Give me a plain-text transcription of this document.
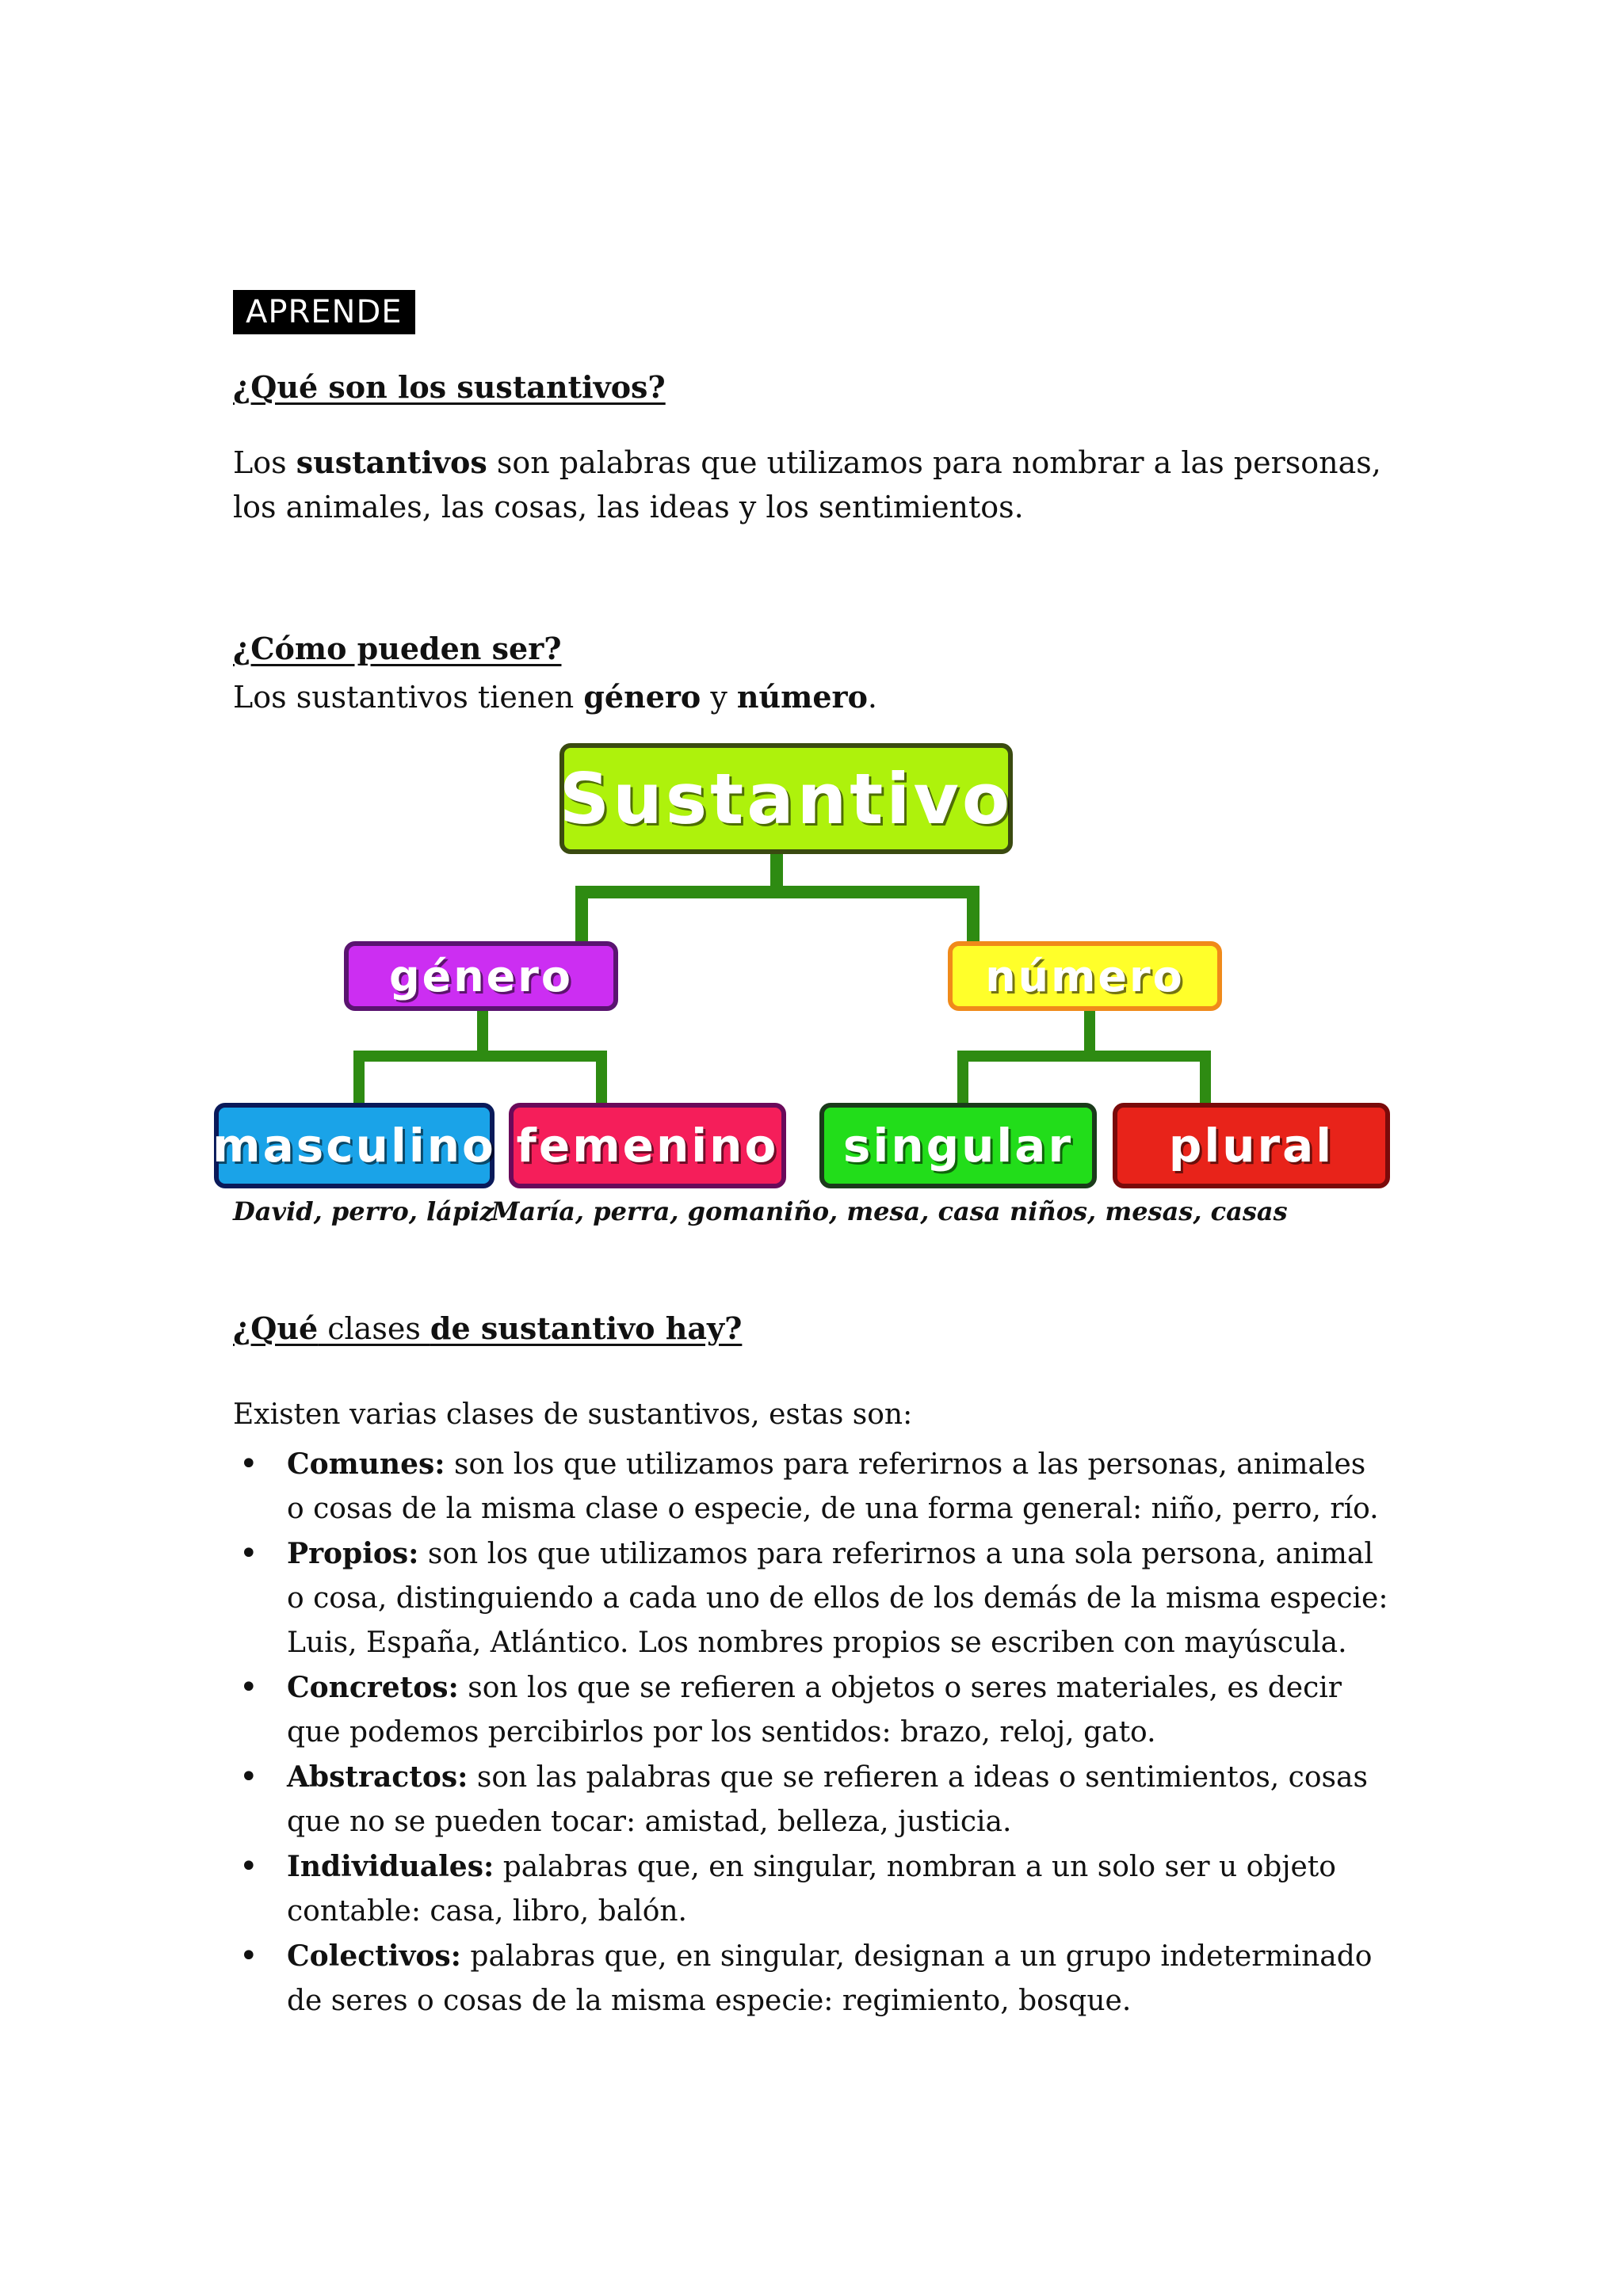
APRENDE
¿Qué son los sustantivos?
Los sustantivos son palabras que utilizamos para nombrar a las personas, los animales, las cosas, las ideas y los sentimientos.
¿Cómo pueden ser?
Los sustantivos tienen género y número.
Sustantivo
género	número
masculino femenino	singular	plural
David, perro, lápiz
María, perra, goma niño, mesa, casa niños, mesas, casas
¿Qué clases de sustantivo hay?
Existen varias clases de sustantivos, estas son:
• Comunes: son los que utilizamos para referirnos a las personas, animales o cosas de la misma clase o especie, de una forma general: niño, perro, río.
• Propios: son los que utilizamos para referirnos a una sola persona, animal o cosa, distinguiendo a cada uno de ellos de los demás de la misma especie: Luis, España, Atlántico. Los nombres propios se escriben con mayúscula.
• Concretos: son los que se refieren a objetos o seres materiales, es decir que podemos percibirlos por los sentidos: brazo, reloj, gato.
• Abstractos: son las palabras que se refieren a ideas o sentimientos, cosas que no se pueden tocar: amistad, belleza, justicia.
• Individuales: palabras que, en singular, nombran a un solo ser u objeto contable: casa, libro, balón.
• Colectivos: palabras que, en singular, designan a un grupo indeterminado de seres o cosas de la misma especie: regimiento, bosque.
